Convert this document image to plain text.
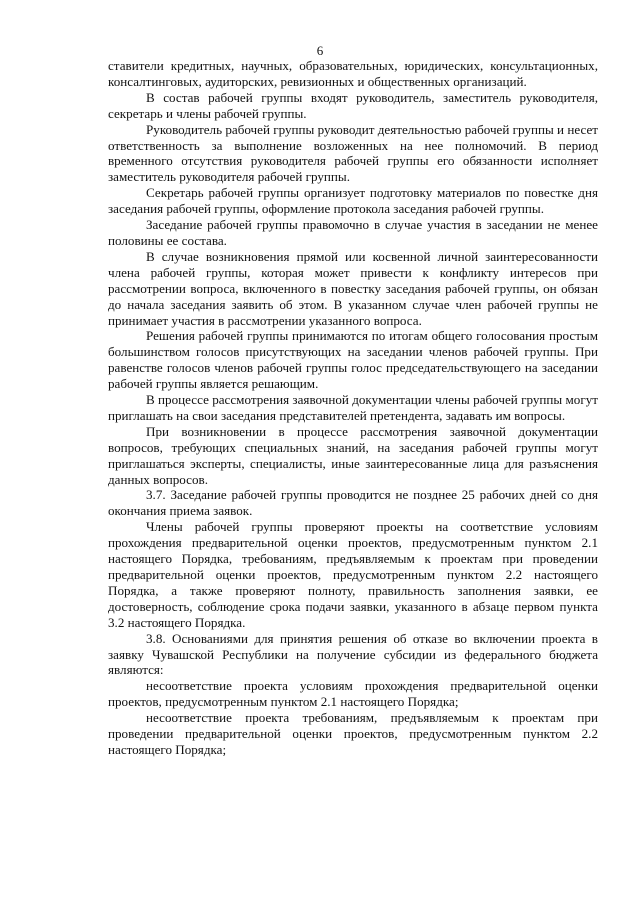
6

ставители кредитных, научных, образовательных, юридических, консультационных, консалтинговых, аудиторских, ревизионных и общественных организаций.

В состав рабочей группы входят руководитель, заместитель руководителя, секретарь и члены рабочей группы.

Руководитель рабочей группы руководит деятельностью рабочей группы и несет ответственность за выполнение возложенных на нее полномочий. В период временного отсутствия руководителя рабочей группы его обязанности исполняет заместитель руководителя рабочей группы.

Секретарь рабочей группы организует подготовку материалов по повестке дня заседания рабочей группы, оформление протокола заседания рабочей группы.

Заседание рабочей группы правомочно в случае участия в заседании не менее половины ее состава.

В случае возникновения прямой или косвенной личной заинтересованности члена рабочей группы, которая может привести к конфликту интересов при рассмотрении вопроса, включенного в повестку заседания рабочей группы, он обязан до начала заседания заявить об этом. В указанном случае член рабочей группы не принимает участия в рассмотрении указанного вопроса.

Решения рабочей группы принимаются по итогам общего голосования простым большинством голосов присутствующих на заседании членов рабочей группы. При равенстве голосов членов рабочей группы голос председательствующего на заседании рабочей группы является решающим.

В процессе рассмотрения заявочной документации члены рабочей группы могут приглашать на свои заседания представителей претендента, задавать им вопросы.

При возникновении в процессе рассмотрения заявочной документации вопросов, требующих специальных знаний, на заседания рабочей группы могут приглашаться эксперты, специалисты, иные заинтересованные лица для разъяснения данных вопросов.

3.7. Заседание рабочей группы проводится не позднее 25 рабочих дней со дня окончания приема заявок.

Члены рабочей группы проверяют проекты на соответствие условиям прохождения предварительной оценки проектов, предусмотренным пунктом 2.1 настоящего Порядка, требованиям, предъявляемым к проектам при проведении предварительной оценки проектов, предусмотренным пунктом 2.2 настоящего Порядка, а также проверяют полноту, правильность заполнения заявки, ее достоверность, соблюдение срока подачи заявки, указанного в абзаце первом пункта 3.2 настоящего Порядка.

3.8. Основаниями для принятия решения об отказе во включении проекта в заявку Чувашской Республики на получение субсидии из федерального бюджета являются:

несоответствие проекта условиям прохождения предварительной оценки проектов, предусмотренным пунктом 2.1 настоящего Порядка;

несоответствие проекта требованиям, предъявляемым к проектам при проведении предварительной оценки проектов, предусмотренным пунктом 2.2 настоящего Порядка;
